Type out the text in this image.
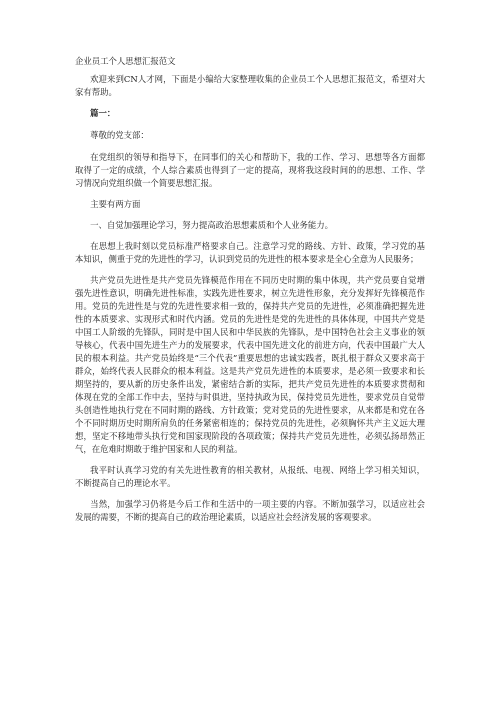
企业员工个人思想汇报范文

欢迎来到CN人才网，下面是小编给大家整理收集的企业员工个人思想汇报范文，希望对大家有帮助。

篇一：

尊敬的党支部：

在党组织的领导和指导下，在同事们的关心和帮助下，我的工作、学习、思想等各方面都取得了一定的成绩，个人综合素质也得到了一定的提高，现将我这段时间的的思想、工作、学习情况向党组织做一个简要思想汇报。

主要有两方面

一、自觉加强理论学习，努力提高政治思想素质和个人业务能力。

在思想上我时刻以党员标准严格要求自己。注意学习党的路线、方针、政策，学习党的基本知识，侧重于党的先进性的学习，认识到党员的先进性的根本要求是全心全意为人民服务；

共产党员先进性是共产党员先锋模范作用在不同历史时期的集中体现，共产党员要自觉增强先进性意识，明确先进性标准，实践先进性要求，树立先进性形象，充分发挥好先锋模范作用。党员的先进性是与党的先进性要求相一致的，保持共产党员的先进性，必须准确把握先进性的本质要求、实现形式和时代内涵。党员的先进性是党的先进性的具体体现，中国共产党是中国工人阶级的先锋队，同时是中国人民和中华民族的先锋队，是中国特色社会主义事业的领导核心，代表中国先进生产力的发展要求，代表中国先进文化的前进方向，代表中国最广大人民的根本利益。共产党员始终是“三个代表”重要思想的忠诚实践者，既扎根于群众又要求高于群众，始终代表人民群众的根本利益。这是共产党员先进性的本质要求，是必须一致要求和长期坚持的，要从新的历史条件出发，紧密结合新的实际，把共产党员先进性的本质要求贯彻和体现在党的全部工作中去，坚持与时俱进，坚持执政为民，保持党员先进性，要求党员自觉带头创造性地执行党在不同时期的路线、方针政策；党对党员的先进性要求，从来都是和党在各个不同时期历史时期所肩负的任务紧密相连的；保持党员的先进性，必须胸怀共产主义远大理想，坚定不移地带头执行党和国家现阶段的各项政策；保持共产党员先进性，必须弘扬昂然正气，在危难时期敢于维护国家和人民的利益。

我平时认真学习党的有关先进性教育的相关教材，从报纸、电视、网络上学习相关知识，不断提高自己的理论水平。

当然，加强学习仍将是今后工作和生活中的一项主要的内容。不断加强学习，以适应社会发展的需要，不断的提高自己的政治理论素质，以适应社会经济发展的客观要求。
